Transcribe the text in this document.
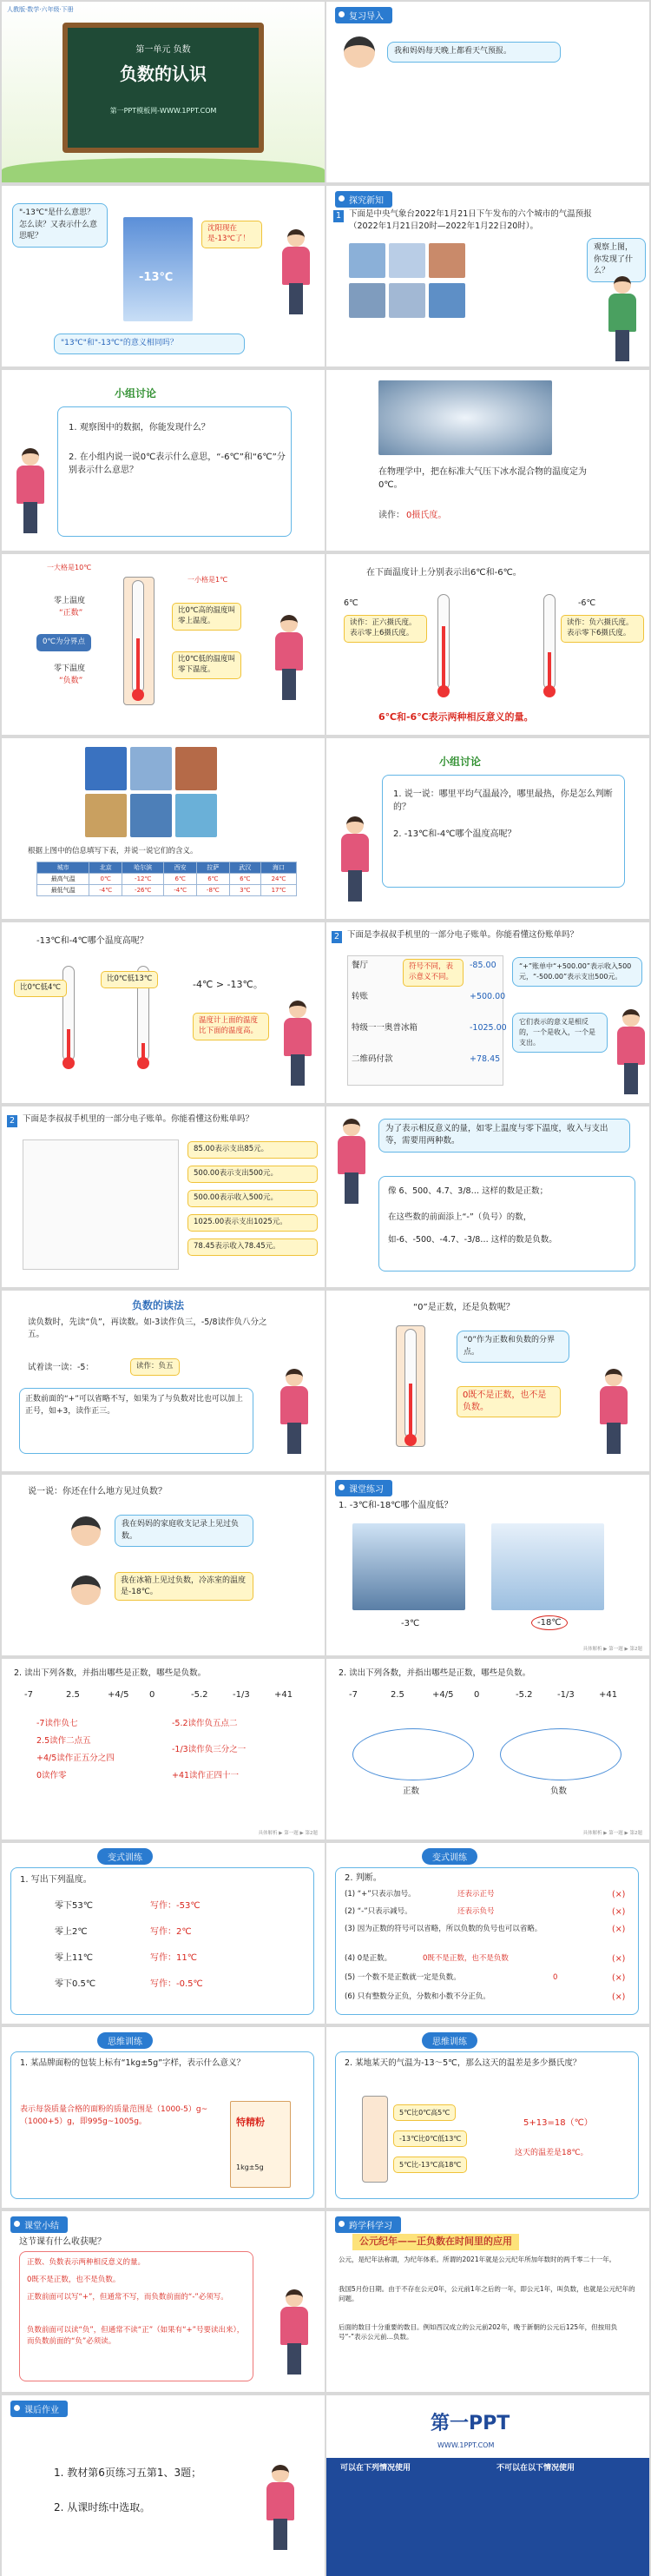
人教版·数学·六年级·下册
第一单元 负数
负数的认识
第一PPT模板网-WWW.1PPT.COM
复习导入
我和妈妈每天晚上都看天气预报。
"-13℃"是什么意思？怎么读？又表示什么意思呢？
-13℃
沈阳现在是-13℃了！
"13℃"和"-13℃"的意义相同吗？
探究新知
1 下面是中央气象台2022年1月21日下午发布的六个城市的气温预报（2022年1月21日20时—2022年1月22日20时）。
观察上图，你发现了什么？
小组讨论
1. 观察图中的数据，你能发现什么？
2. 在小组内说一说0℃表示什么意思，“-6℃”和“6℃”分别表示什么意思？	在物理学中，把在标准大气压下冰水混合物的温度定为0℃。
读作： 0摄氏度。
一大格是10℃
一小格是1℃
零上温度
“正数”
0℃为分界点
零下温度
“负数”
比0℃高的温度叫零上温度。
比0℃低的温度叫零下温度。
在下面温度计上分别表示出6℃和-6℃。
6℃
读作：正六摄氏度。
表示零上6摄氏度。
-6℃
读作：负六摄氏度。
表示零下6摄氏度。
6℃和-6℃表示两种相反意义的量。
根据上图中的信息填写下表，并说一说它们的含义。
城市	北京	哈尔滨	西安	拉萨	武汉	海口
最高气温	0℃	-12℃	6℃	6℃	6℃	24℃
最低气温	-4℃	-26℃	-4℃	-8℃	3℃	17℃
小组讨论
1. 说一说：哪里平均气温最冷，哪里最热，你是怎么判断的？
2. -13℃和-4℃哪个温度高呢？
-13℃和-4℃哪个温度高呢？
比0℃低4℃
比0℃低13℃	-4℃ > -13℃。
温度计上面的温度比下面的温度高。
2 下面是李叔叔手机里的一部分电子账单。你能看懂这份账单吗？
餐厅	-85.00
转账	+500.00
特级一一奥普冰箱	-1025.00
二维码付款	+78.45
符号不同，表示意义不同。
“+”账单中“+500.00”表示收入500元，“-500.00”表示支出500元。
它们表示的意义是相反的，一个是收入，一个是支出。
2 下面是李叔叔手机里的一部分电子账单。你能看懂这份账单吗？
85.00表示支出85元。
500.00表示支出500元。
500.00表示收入500元。
1025.00表示支出1025元。
78.45表示收入78.45元。
为了表示相反意义的量，如零上温度与零下温度，收入与支出等，需要用两种数。
像 6、500、4.7、3/8… 这样的数是正数；
在这些数的前面添上“-”（负号）的数，
如-6、-500、-4.7、-3/8… 这样的数是负数。
负数的读法
读负数时，先读“负”，再读数。如-3读作负三，-5/8读作负八分之五。
试着读一读：-5：	读作：负五
正数前面的“+”可以省略不写，如果为了与负数对比也可以加上正号，如+3，读作正三。
“0”是正数，还是负数呢？
“0”作为正数和负数的分界点。
0既不是正数，也不是负数。
说一说：你还在什么地方见过负数？
我在妈妈的家庭收支记录上见过负数。
我在冰箱上见过负数，冷冻室的温度是-18℃。
课堂练习
1. -3℃和-18℃哪个温度低？
-3℃	-18℃
具体解析 ▶ 第一题 ▶ 第2题
2. 读出下列各数，并指出哪些是正数，哪些是负数。
-7	2.5	+4/5 0	-5.2	-1/3	+41
-7读作负七
2.5读作二点五
+4/5读作正五分之四
0读作零
-5.2读作负五点二
-1/3读作负三分之一
+41读作正四十一
具体解析 ▶ 第一题 ▶ 第2题
2. 读出下列各数，并指出哪些是正数，哪些是负数。
-7	2.5	+4/5 0	-5.2	-1/3	+41
正数	负数
具体解析 ▶ 第一题 ▶ 第2题
变式训练
1. 写出下列温度。
零下53℃	写作：-53℃
零上2℃	写作：2℃
零上11℃	写作：11℃
零下0.5℃	写作：-0.5℃
变式训练
2. 判断。
(1) “+”只表示加号。	还表示正号	(×)
(2) “-”只表示减号。	还表示负号	(×)
(3) 因为正数的符号可以省略，所以负数的负号也可以省略。	(×)
(4) 0是正数。	0既不是正数，也不是负数	(×)
(5) 一个数不是正数就一定是负数。	0	(×)
(6) 只有整数分正负，分数和小数不分正负。	(×)
思维训练
1. 某品牌面粉的包装上标有“1kg±5g”字样，表示什么意义？
表示每袋质量合格的面粉的质量范围是（1000-5）g~（1000+5）g，即995g~1005g。	特精粉
1kg±5g
思维训练
2. 某地某天的气温为-13～5℃，那么这天的温差是多少摄氏度？
5℃比0℃高5℃
-13℃比0℃低13℃
5℃比-13℃高18℃
5+13=18（℃）
这天的温差是18℃。
课堂小结
这节课有什么收获呢？
正数、负数表示两种相反意义的量。
0既不是正数，也不是负数。
正数前面可以写“+”，但通常不写，而负数前面的“-”必须写。
负数前面可以读“负”，但通常不读“正”（如果有“+”号要读出来），而负数前面的“负”必须读。
跨学科学习
公元纪年——正负数在时间里的应用
公元，是纪年法称谓，为纪年体系。所谓的2021年就是公元纪年所加年数时的两千零二十一年。
我国5月份日期。由于不存在公元0年，公元前1年之后的一年，即公元1年，叫负数，也就是公元纪年的问题。
后面的数目十分重要的数目。例如西汉成立的公元前202年，晚于新朝的公元后125年，但按用负号“-”表示公元前…负数。
课后作业
1. 教材第6页练习五第1、3题；
2. 从课时练中选取。
第一PPT
WWW.1PPT.COM
可以在下列情况使用	不可以在以下情况使用
